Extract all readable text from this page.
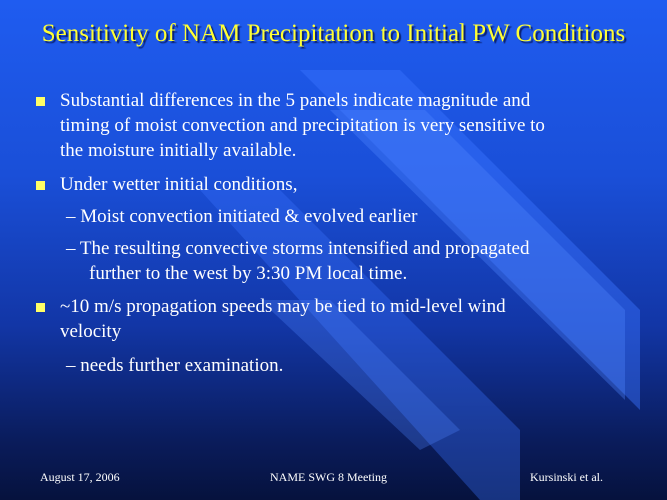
Sensitivity of NAM Precipitation to Initial PW Conditions
Substantial differences in the 5 panels indicate magnitude and
timing of moist convection and precipitation is very sensitive to
the moisture initially available.
Under wetter initial conditions,
– Moist convection initiated & evolved earlier
– The resulting convective storms intensified and propagated
further to the west by 3:30 PM local time.
~10 m/s propagation speeds may be tied to mid-level wind
velocity
– needs further examination.
August 17, 2006	NAME SWG 8 Meeting	Kursinski et al.
